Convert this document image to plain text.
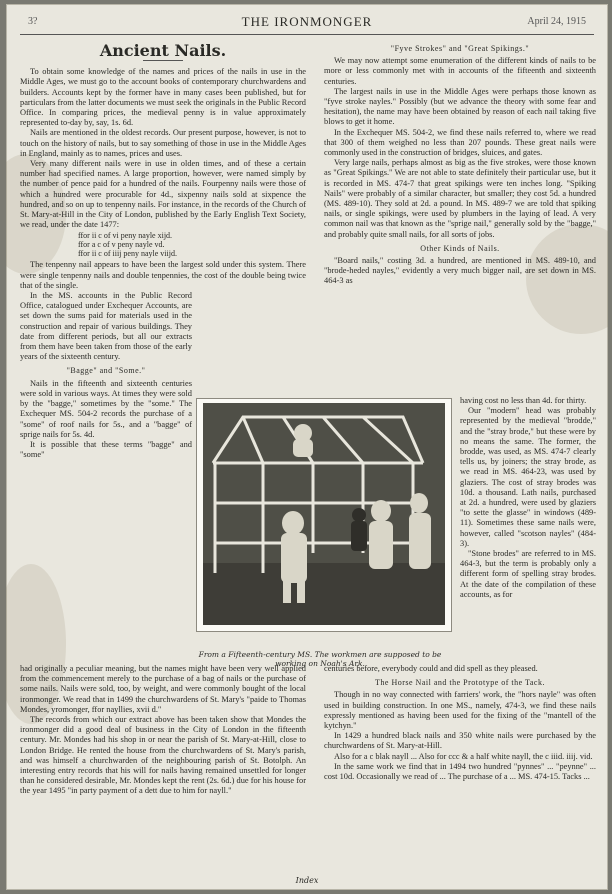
3?	THE IRONMONGER	April 24, 1915
Ancient Nails.

To obtain some knowledge of the names and prices of the nails in use in the Middle Ages, we must go to the account books of contemporary churchwardens and builders. Accounts kept by the former have in many cases been published, but for particulars from the latter documents we must seek the originals in the Public Record Office. In comparing prices, the medieval penny is in value approximately represented to-day by, say, 1s. 6d.

Nails are mentioned in the oldest records. Our present purpose, however, is not to touch on the history of nails, but to say something of those in use in the Middle Ages in England, mainly as to names, prices and uses.

Very many different nails were in use in olden times, and of these a certain number had specified names. A large proportion, however, were named simply by the number of pence paid for a hundred of the nails. Fourpenny nails were those of which a hundred were procurable for 4d., sixpenny nails sold at sixpence the hundred, and so on up to tenpenny nails. For instance, in the records of the Church of St. Mary-at-Hill in the City of London, published by the Early English Text Society, we read, under the date 1477:

ffor ii c of vi peny nayle xijd.
ffor a c of v peny nayle vd.
ffor ii c of iiij peny nayle viijd.

The tenpenny nail appears to have been the largest sold under this system. There were single tenpenny nails and double tenpennies, the cost of the double being twice that of the single.

In the MS. accounts in the Public Record Office, catalogued under Exchequer Accounts, are set down the sums paid for materials used in the construction and repair of various buildings. They date from different periods, but all our extracts from them have been taken from those of the early years of the sixteenth century.

"Bagge" and "Some."

Nails in the fifteenth and sixteenth centuries were sold in various ways. At times they were sold by the "bagge," sometimes by the "some." The Exchequer MS. 504-2 records the purchase of a "some" of roof nails for 5s., and a "bagge" of sprige nails for 5s. 4d.

It is possible that these terms "bagge" and "some"

had originally a peculiar meaning, but the names might have been very well applied from the commencement merely to the purchase of a bag of nails or the purchase of some nails. Nails were sold, too, by weight, and were commonly bought of the local ironmonger. We read that in 1499 the churchwardens of St. Mary's "paide to Thomas Mondes, yromonger, ffor nayllies, xvii d."

The records from which our extract above has been taken show that Mondes the ironmonger did a good deal of business in the City of London in the fifteenth century. Mr. Mondes had his shop in or near the parish of St. Mary-at-Hill, close to London Bridge. He rented the house from the churchwardens of St. Mary's parish, and was himself a churchwarden of the neighbouring parish of St. Botolph. An interesting entry records that his will for nails having remained unsettled for longer than he considered desirable, Mr. Mondes kept the rent (2s. 6d.) due for his house for the year 1495 "in party payment of a dett due to him for nayll."

"Fyve Strokes" and "Great Spikings."

We may now attempt some enumeration of the different kinds of nails to be more or less commonly met with in accounts of the fifteenth and sixteenth centuries.

The largest nails in use in the Middle Ages were perhaps those known as "fyve stroke nayles." Possibly (but we advance the theory with some fear and hesitation), the name may have been obtained by reason of each nail taking five blows to get it home.

In the Exchequer MS. 504-2, we find these nails referred to, where we read that 300 of them weighed no less than 207 pounds. These great nails were commonly used in the construction of bridges, sluices, and gates.

Very large nails, perhaps almost as big as the five strokes, were those known as "Great Spikings." We are not able to state definitely their particular use, but it is recorded in MS. 474-7 that great spikings were ten inches long. "Spiking Nails" were probably of a similar character, but smaller; they cost 5d. a hundred (MS. 489-10). They sold at 2d. a pound. In MS. 489-7 we are told that spiking nails, or single spikings, were used by plumbers in the laying of lead. A very common nail was that known as the "sprige nail," generally sold by the "bagge," and probably quite small nails, for all sorts of jobs.

Other Kinds of Nails.

"Board nails," costing 3d. a hundred, are mentioned in MS. 489-10, and "brode-heded nayles," evidently a very much bigger nail, are set down in MS. 464-3 as

having cost no less than 4d. for thirty.

Our "modern" head was probably represented by the medieval "brodde," and the "stray brode," but these were by no means the same. The former, the brodde, was used, as MS. 474-7 clearly tells us, by joiners; the stray brode, as we read in MS. 464-23, was used by glaziers. The cost of stray brodes was 10d. a thousand. Lath nails, purchased at 2d. a hundred, were used by glaziers "to sette the glasse" in windows (489-11). Sometimes these same nails were, however, called "scotson nayles" (484-3).

"Stone brodes" are referred to in MS. 464-3, but the term is probably only a different form of spelling stray brodes. At the date of the compilation of these accounts, as for

From a Fifteenth-century MS. The workmen are supposed to be working on Noah's Ark.

centuries before, everybody could and did spell as they pleased.

The Horse Nail and the Prototype of the Tack.

Though in no way connected with farriers' work, the "hors nayle" was often used in building construction. In one MS., namely, 474-3, we find these nails expressly mentioned as having been used for the fixing of the "mantell of the kytchyn."

In 1429 a hundred black nails and 350 white nails were purchased by the churchwardens of St. Mary-at-Hill.

Also for a c blak nayll ... Also for ccc & a half white nayll, the c iiid. iiij. vid.

In the same work we find that in 1494 two hundred "pynnes" ... "peynne" ... cost 10d. Occasionally we read of ... The purchase of a ... MS. 474-15. Tacks ...

Index
